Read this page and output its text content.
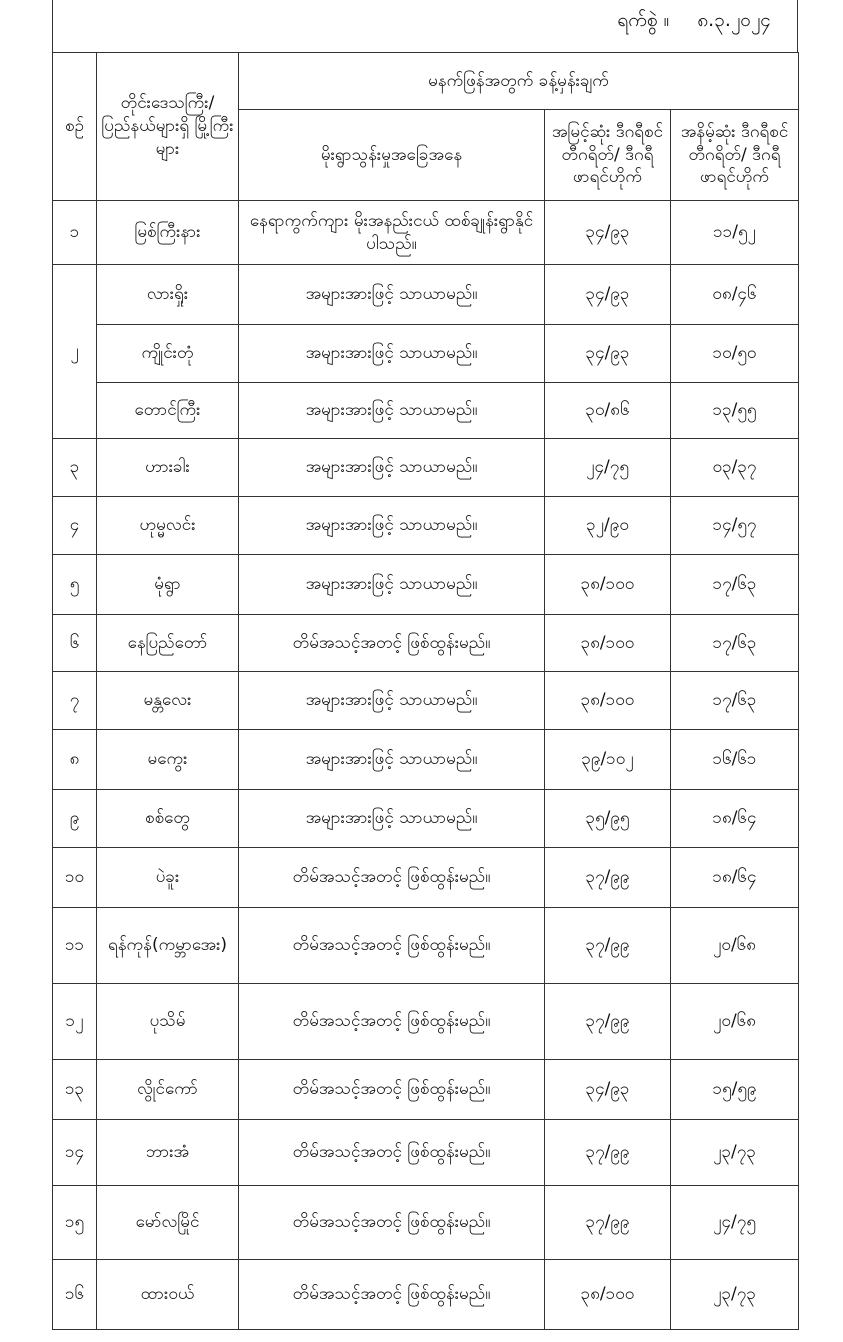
ရက်စွဲ ။ ၈.၃.၂၀၂၄
စဉ်	တိုင်းဒေသကြီး/ ပြည်နယ်များရှိ မြို့ကြီးများ	မနက်ဖြန်အတွက် ခန့်မှန်းချက်		
		မိုးရွာသွန်းမှုအခြေအနေ	အမြင့်ဆုံး ဒီဂရီစင်တီဂရိတ်/ ဒီဂရီဖာရင်ဟိုက်	အနိမ့်ဆုံး ဒီဂရီစင်တီဂရိတ်/ ဒီဂရီဖာရင်ဟိုက်
၁	မြစ်ကြီးနား	နေရာကွက်ကျား မိုးအနည်းငယ် ထစ်ချုန်းရွာနိုင်ပါသည်။	၃၄/၉၃	၁၁/၅၂
၂	လားရှိုး	အများအားဖြင့် သာယာမည်။	၃၄/၉၃	၀၈/၄၆
	ကျိုင်းတုံ	အများအားဖြင့် သာယာမည်။	၃၄/၉၃	၁၀/၅၀
	တောင်ကြီး	အများအားဖြင့် သာယာမည်။	၃၀/၈၆	၁၃/၅၅
၃	ဟားခါး	အများအားဖြင့် သာယာမည်။	၂၄/၇၅	၀၃/၃၇
၄	ဟုမ္မလင်း	အများအားဖြင့် သာယာမည်။	၃၂/၉၀	၁၄/၅၇
၅	မုံရွာ	အများအားဖြင့် သာယာမည်။	၃၈/၁၀၀	၁၇/၆၃
၆	နေပြည်တော်	တိမ်အသင့်အတင့် ဖြစ်ထွန်းမည်။	၃၈/၁၀၀	၁၇/၆၃
၇	မန္တလေး	အများအားဖြင့် သာယာမည်။	၃၈/၁၀၀	၁၇/၆၃
၈	မကွေး	အများအားဖြင့် သာယာမည်။	၃၉/၁၀၂	၁၆/၆၁
၉	စစ်တွေ	အများအားဖြင့် သာယာမည်။	၃၅/၉၅	၁၈/၆၄
၁၀	ပဲခူး	တိမ်အသင့်အတင့် ဖြစ်ထွန်းမည်။	၃၇/၉၉	၁၈/၆၄
၁၁	ရန်ကုန်(ကမ္ဘာအေး)	တိမ်အသင့်အတင့် ဖြစ်ထွန်းမည်။	၃၇/၉၉	၂၀/၆၈
၁၂	ပုသိမ်	တိမ်အသင့်အတင့် ဖြစ်ထွန်းမည်။	၃၇/၉၉	၂၀/၆၈
၁၃	လွိုင်ကော်	တိမ်အသင့်အတင့် ဖြစ်ထွန်းမည်။	၃၄/၉၃	၁၅/၅၉
၁၄	ဘားအံ	တိမ်အသင့်အတင့် ဖြစ်ထွန်းမည်။	၃၇/၉၉	၂၃/၇၃
၁၅	မော်လမြိုင်	တိမ်အသင့်အတင့် ဖြစ်ထွန်းမည်။	၃၇/၉၉	၂၄/၇၅
၁၆	ထားဝယ်	တိမ်အသင့်အတင့် ဖြစ်ထွန်းမည်။	၃၈/၁၀၀	၂၃/၇၃
